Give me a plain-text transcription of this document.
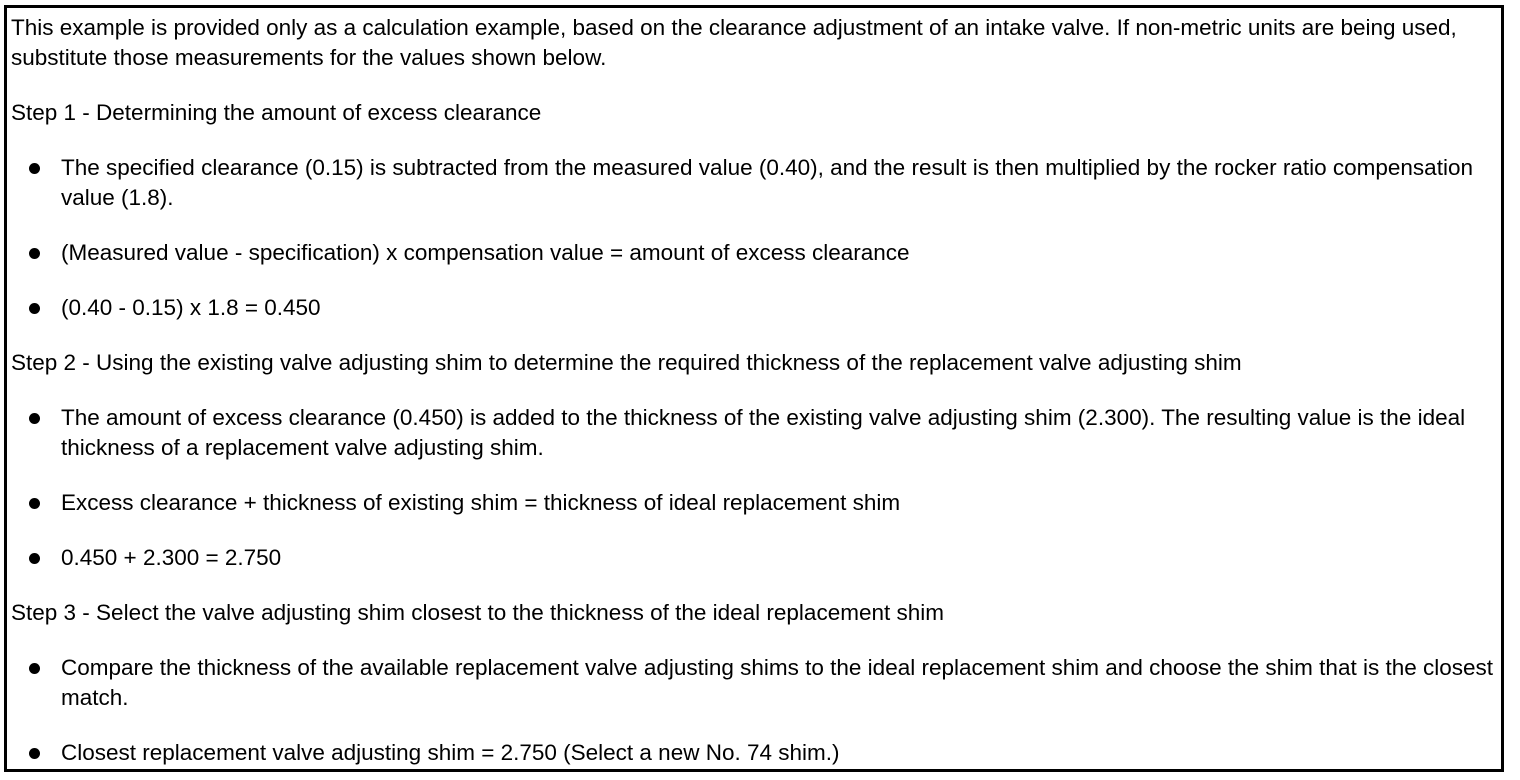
This example is provided only as a calculation example, based on the clearance adjustment of an intake valve. If non-metric units are being used, substitute those measurements for the values shown below.

Step 1 - Determining the amount of excess clearance

The specified clearance (0.15) is subtracted from the measured value (0.40), and the result is then multiplied by the rocker ratio compensation value (1.8).
(Measured value - specification) x compensation value = amount of excess clearance
(0.40 - 0.15) x 1.8 = 0.450

Step 2 - Using the existing valve adjusting shim to determine the required thickness of the replacement valve adjusting shim

The amount of excess clearance (0.450) is added to the thickness of the existing valve adjusting shim (2.300). The resulting value is the ideal thickness of a replacement valve adjusting shim.
Excess clearance + thickness of existing shim = thickness of ideal replacement shim
0.450 + 2.300 = 2.750

Step 3 - Select the valve adjusting shim closest to the thickness of the ideal replacement shim

Compare the thickness of the available replacement valve adjusting shims to the ideal replacement shim and choose the shim that is the closest match.
Closest replacement valve adjusting shim = 2.750 (Select a new No. 74 shim.)
